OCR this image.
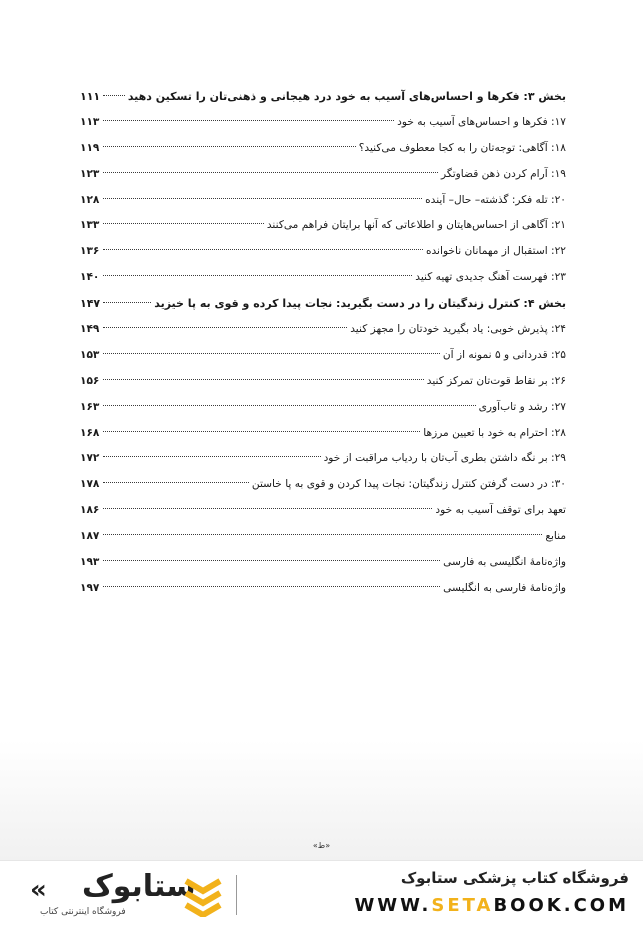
بخش ۳: فکرها و احساس‌های آسیب به خود درد هیجانی و ذهنی‌تان را تسکین دهید
۱۱۱
۱۷: فکرها و احساس‌های آسیب به خود
۱۱۳
۱۸: آگاهی: توجه‌تان را به کجا معطوف می‌کنید؟
۱۱۹
۱۹: آرام کردن ذهن قضاوتگر
۱۲۳
۲۰: تله فکر: گذشته– حال– آینده
۱۲۸
۲۱: آگاهی از احساس‌هایتان و اطلاعاتی که آنها برایتان فراهم می‌کنند
۱۳۳
۲۲: استقبال از مهمانان ناخوانده
۱۳۶
۲۳: فهرست آهنگ جدیدی تهیه کنید
۱۴۰
بخش ۴: کنترل زندگیتان را در دست بگیرید: نجات پیدا کرده و قوی به پا خیزید
۱۴۷
۲۴: پذیرش خوبی: یاد بگیرید خودتان را مجهز کنید
۱۴۹
۲۵: قدردانی و ۵ نمونه از آن
۱۵۳
۲۶: بر نقاط قوت‌تان تمرکز کنید
۱۵۶
۲۷: رشد و تاب‌آوری
۱۶۳
۲۸: احترام به خود با تعیین مرزها
۱۶۸
۲۹: بر نگه داشتن بطری آب‌تان با ردیاب مراقبت از خود
۱۷۲
۳۰: در دست گرفتن کنترل زندگیتان: نجات پیدا کردن و قوی به پا خاستن
۱۷۸
تعهد برای توقف آسیب به خود
۱۸۶
منابع
۱۸۷
واژه‌نامهٔ انگلیسی به فارسی
۱۹۳
واژه‌نامهٔ فارسی به انگلیسی
۱۹۷
«ط»
« ستابوک
فروشگاه اینترنتی کتاب
فروشگاه کتاب پزشکی ستابوک
WWW.SETABOOK.COM
